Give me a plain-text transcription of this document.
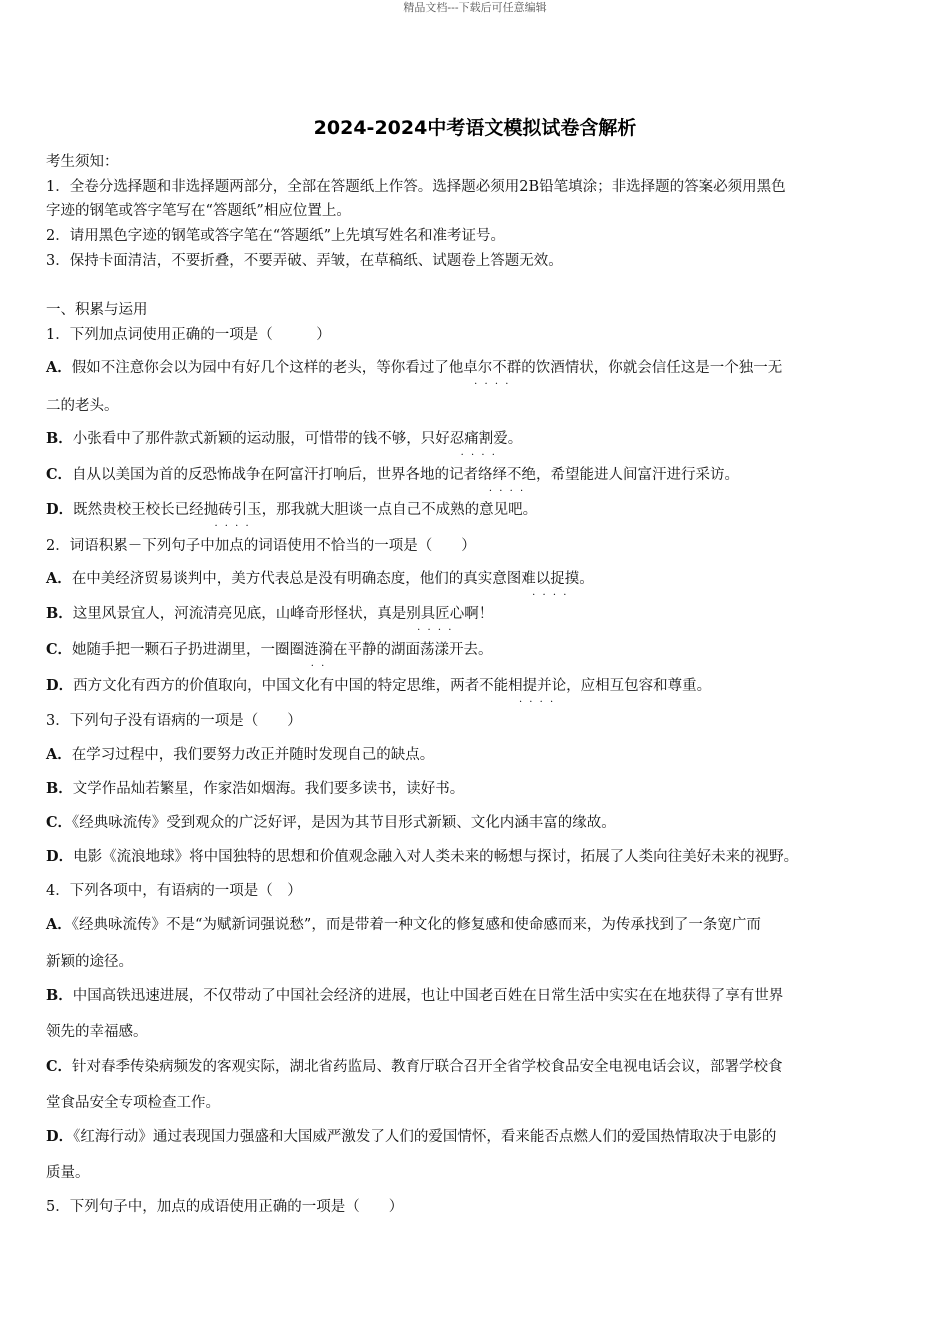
精品文档---下载后可任意编辑
2024-2024中考语文模拟试卷含解析
考生须知：
1．全卷分选择题和非选择题两部分，全部在答题纸上作答。选择题必须用2B铅笔填涂；非选择题的答案必须用黑色
字迹的钢笔或答字笔写在“答题纸”相应位置上。
2．请用黑色字迹的钢笔或答字笔在“答题纸”上先填写姓名和准考证号。
3．保持卡面清洁，不要折叠，不要弄破、弄皱，在草稿纸、试题卷上答题无效。
一、积累与运用
1．下列加点词使用正确的一项是（　　　）
A．假如不注意你会以为园中有好几个这样的老头，等你看过了他卓尔不群 · · · ·的饮酒情状，你就会信任这是一个独一无
二的老头。
B．小张看中了那件款式新颖的运动服，可惜带的钱不够，只好忍痛割爱 · · · ·。
C．自从以美国为首的反恐怖战争在阿富汗打响后，世界各地的记者络绎不绝 · · · ·，希望能进人间富汗进行采访。
D．既然贵校王校长已经抛砖引玉 · · · ·，那我就大胆谈一点自己不成熟的意见吧。
2．词语积累－下列句子中加点的词语使用不恰当的一项是（　　）
A．在中美经济贸易谈判中，美方代表总是没有明确态度，他们的真实意图难以捉摸 · · · ·。
B．这里风景宜人，河流清亮见底，山峰奇形怪状，真是别具匠心 · · · ·啊！
C．她随手把一颗石子扔进湖里，一圈圈涟漪 · ·在平静的湖面荡漾开去。
D．西方文化有西方的价值取向，中国文化有中国的特定思维，两者不能相提并论 · · · ·，应相互包容和尊重。
3．下列句子没有语病的一项是（　　）
A．在学习过程中，我们要努力改正并随时发现自己的缺点。
B．文学作品灿若繁星，作家浩如烟海。我们要多读书，读好书。
C．《经典咏流传》受到观众的广泛好评，是因为其节目形式新颖、文化内涵丰富的缘故。
D．电影《流浪地球》将中国独特的思想和价值观念融入对人类未来的畅想与探讨，拓展了人类向往美好未来的视野。
4．下列各项中，有语病的一项是（　）
A．《经典咏流传》不是“为赋新词强说愁”，而是带着一种文化的修复感和使命感而来，为传承找到了一条宽广而
新颖的途径。
B．中国高铁迅速进展，不仅带动了中国社会经济的进展，也让中国老百姓在日常生活中实实在在地获得了享有世界
领先的幸福感。
C．针对春季传染病频发的客观实际，湖北省药监局、教育厅联合召开全省学校食品安全电视电话会议，部署学校食
堂食品安全专项检查工作。
D．《红海行动》通过表现国力强盛和大国威严激发了人们的爱国情怀，看来能否点燃人们的爱国热情取决于电影的
质量。
5．下列句子中，加点的成语使用正确的一项是（　　）
